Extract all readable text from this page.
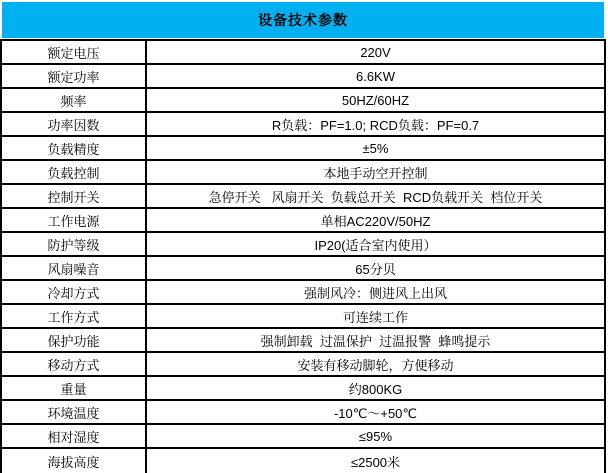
设备技术参数
额定电压	220V
额定功率	6.6KW
频率	50HZ/60HZ
功率因数	R负载：PF=1.0; RCD负载：PF=0.7
负载精度	±5%
负载控制	本地手动空开控制
控制开关	急停开关   风扇开关  负载总开关  RCD负载开关  档位开关
工作电源	单相AC220V/50HZ
防护等级	IP20(适合室内使用）
风扇噪音	65分贝
冷却方式	强制风冷：侧进风上出风
工作方式	可连续工作
保护功能	强制卸载  过温保护  过温报警  蜂鸣提示
移动方式	安装有移动脚轮，方便移动
重量	约800KG
环境温度	-10℃～+50℃
相对湿度	≤95%
海拔高度	≤2500米
